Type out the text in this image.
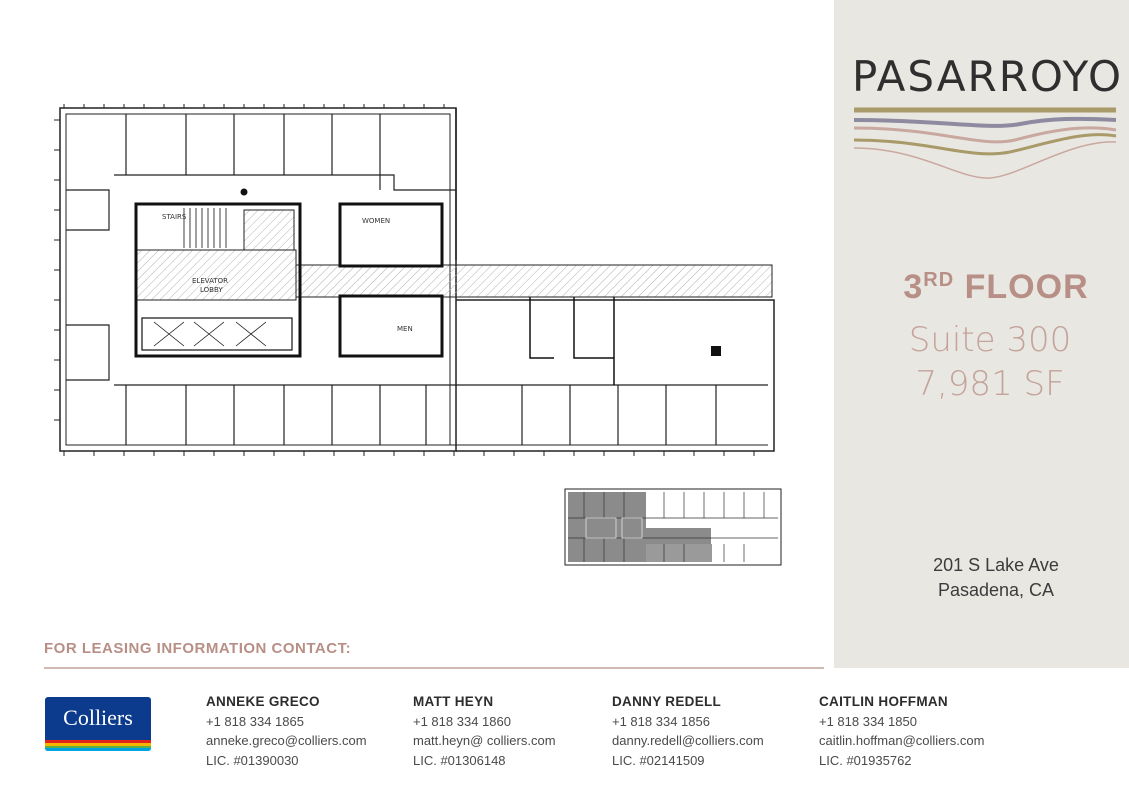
PASARROYO
3RD FLOOR
Suite 300
7,981 SF
201 S Lake Ave
Pasadena, CA
STAIRS	WOMEN
ELEVATOR
LOBBY
MEN
FOR LEASING INFORMATION CONTACT:
Colliers
ANNEKE GRECO
+1 818 334 1865
anneke.greco@colliers.com
LIC. #01390030
MATT HEYN
+1 818 334 1860
matt.heyn@ colliers.com
LIC. #01306148
DANNY REDELL
+1 818 334 1856
danny.redell@colliers.com
LIC. #02141509
CAITLIN HOFFMAN
+1 818 334 1850
caitlin.hoffman@colliers.com
LIC. #01935762
